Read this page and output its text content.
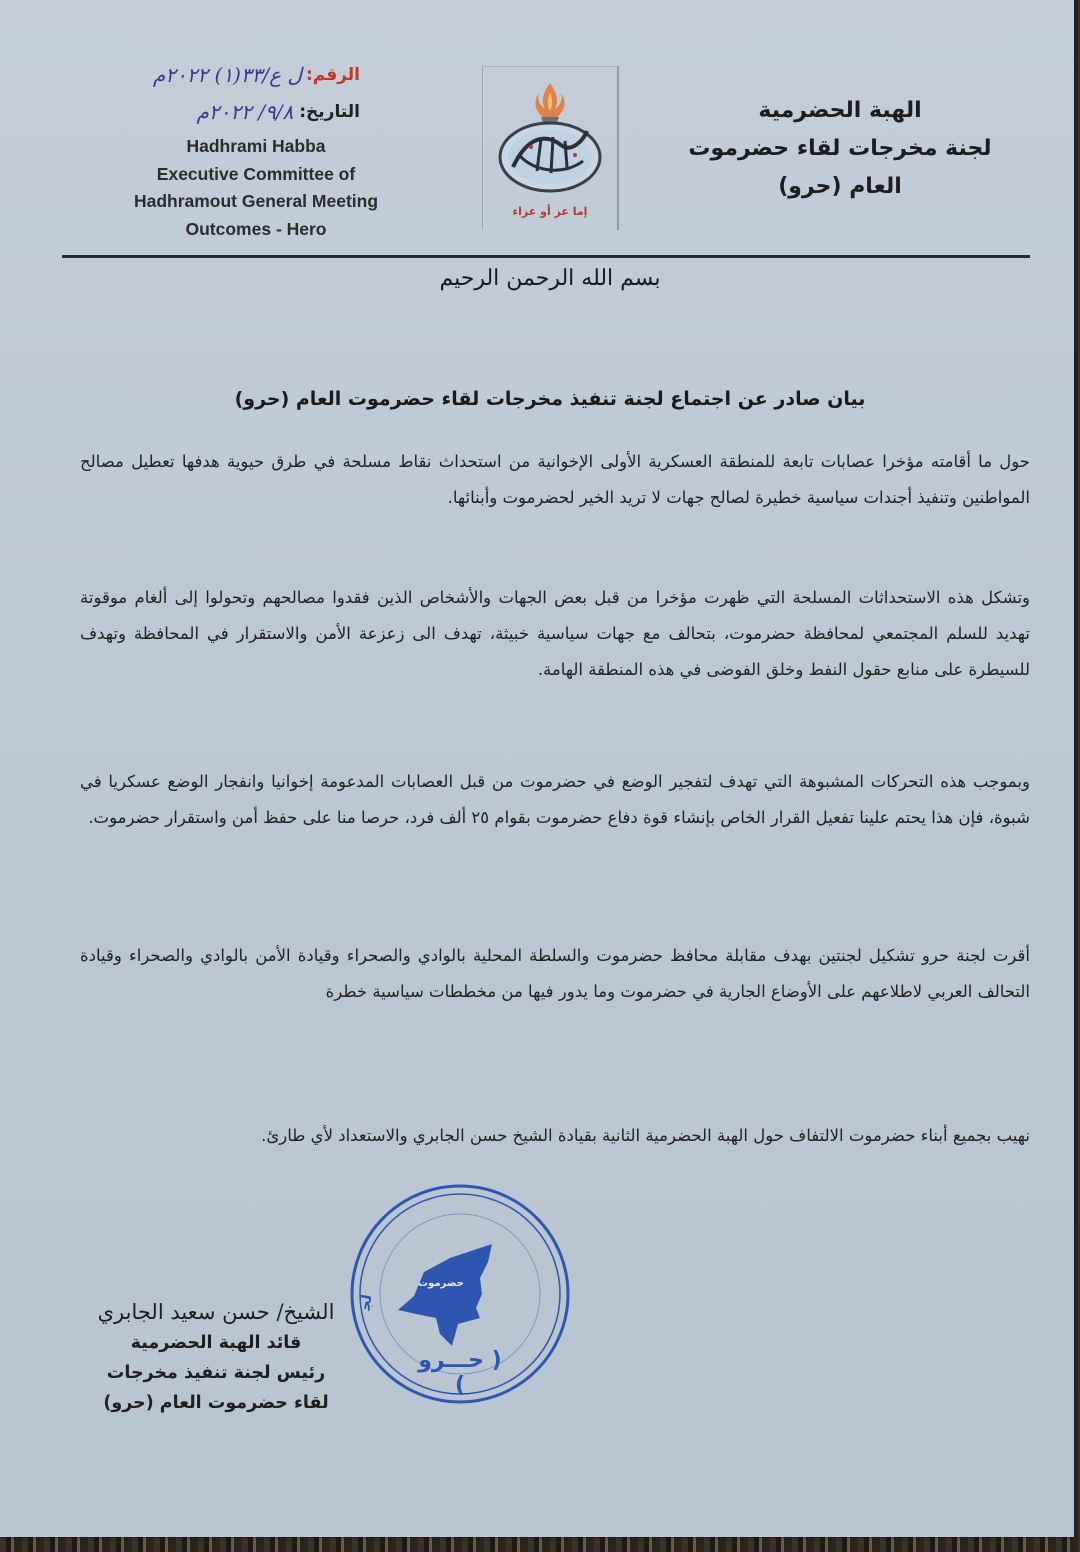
الرقم:
ل ع/٣٣(١) ٢٠٢٢م
التاريخ:
٩/٨/ ٢٠٢٢م
Hadhrami Habba
Executive Committee of
Hadhramout General Meeting
Outcomes - Hero
إما عز أو عزاء
الهبة الحضرمية
لجنة مخرجات لقاء حضرموت
العام (حرو)
بسم الله الرحمن الرحيم
بيان صادر عن اجتماع لجنة تنفيذ مخرجات لقاء حضرموت العام (حرو)
حول ما أقامته مؤخرا عصابات تابعة للمنطقة العسكرية الأولى الإخوانية من استحداث نقاط مسلحة في طرق حيوية هدفها تعطيل مصالح المواطنين وتنفيذ أجندات سياسية خطيرة لصالح جهات لا تريد الخير لحضرموت وأبنائها.
وتشكل هذه الاستحداثات المسلحة التي ظهرت مؤخرا من قبل بعض الجهات والأشخاص الذين فقدوا مصالحهم وتحولوا إلى ألغام موقوتة تهديد للسلم المجتمعي لمحافظة حضرموت، بتحالف مع جهات سياسية خبيثة، تهدف الى زعزعة الأمن والاستقرار في المحافظة وتهدف للسيطرة على منابع حقول النفط وخلق الفوضى في هذه المنطقة الهامة.
وبموجب هذه التحركات المشبوهة التي تهدف لتفجير الوضع في حضرموت من قبل العصابات المدعومة إخوانيا وانفجار الوضع عسكريا في شبوة، فإن هذا يحتم علينا تفعيل القرار الخاص بإنشاء قوة دفاع حضرموت بقوام ٢٥ ألف فرد، حرصا منا على حفظ أمن واستقرار حضرموت.
أقرت لجنة حرو تشكيل لجنتين بهدف مقابلة محافظ حضرموت والسلطة المحلية بالوادي والصحراء وقيادة الأمن بالوادي والصحراء وقيادة التحالف العربي لاطلاعهم على الأوضاع الجارية في حضرموت وما يدور فيها من مخططات سياسية خطرة
نهيب بجميع أبناء حضرموت الالتفاف حول الهبة الحضرمية الثانية بقيادة الشيخ حسن الجابري والاستعداد لأي طارئ.
لج
حضرموت
( حـــرو )
الشيخ/ حسن سعيد الجابري
قائد الهبة الحضرمية
رئيس لجنة تنفيذ مخرجات
لقاء حضرموت العام (حرو)
